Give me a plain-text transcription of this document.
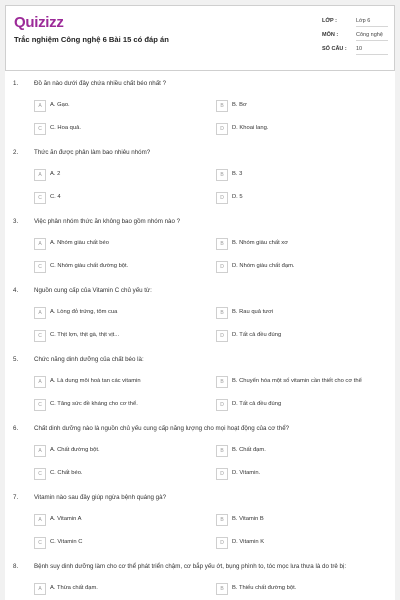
Quizizz
Trắc nghiệm Công nghệ 6 Bài 15 có đáp án
LỚP :	Lớp 6
MÔN :	Công nghệ
SỐ CÂU : 10
1.	Đồ ăn nào dưới đây chứa nhiều chất béo nhất ?
A	A. Gạo.	B	B. Bơ
C	C. Hoa quả.	D	D. Khoai lang.
2.	Thức ăn được phân làm bao nhiêu nhóm?
A	A. 2	B	B. 3
C	C. 4	D	D. 5
3.	Việc phân nhóm thức ăn không bao gồm nhóm nào ?
A	A. Nhóm giàu chất béo	B	B. Nhóm giàu chất xơ
C	C. Nhóm giàu chất đường bột.	D	D. Nhóm giàu chất đạm.
4.	Nguồn cung cấp của Vitamin C chủ yếu từ:
A	A. Lòng đỏ trứng, tôm cua	B	B. Rau quả tươi
C	C. Thịt lợn, thịt gà, thịt vịt...	D	D. Tất cả đều đúng
5.	Chức năng dinh dưỡng của chất béo là:
A	A. Là dung môi hoà tan các vitamin	B	B. Chuyển hóa một số vitamin cần thiết cho cơ thể
C	C. Tăng sức đề kháng cho cơ thể.	D	D. Tất cả đều đúng
6.	Chất dinh dưỡng nào là nguồn chủ yếu cung cấp năng lượng cho mọi hoạt động của cơ thể?
A	A. Chất đường bột.	B	B. Chất đạm.
C	C. Chất béo.	D	D. Vitamin.
7.	Vitamin nào sau đây giúp ngừa bệnh quáng gà?
A	A. Vitamin A	B	B. Vitamin B
C	C. Vitamin C	D	D. Vitamin K
8.	Bệnh suy dinh dưỡng làm cho cơ thể phát triển chậm, cơ bắp yếu ớt, bụng phình to, tóc mọc lưa thưa là do trẻ bị:
A	A. Thừa chất đạm.	B	B. Thiếu chất đường bột.
